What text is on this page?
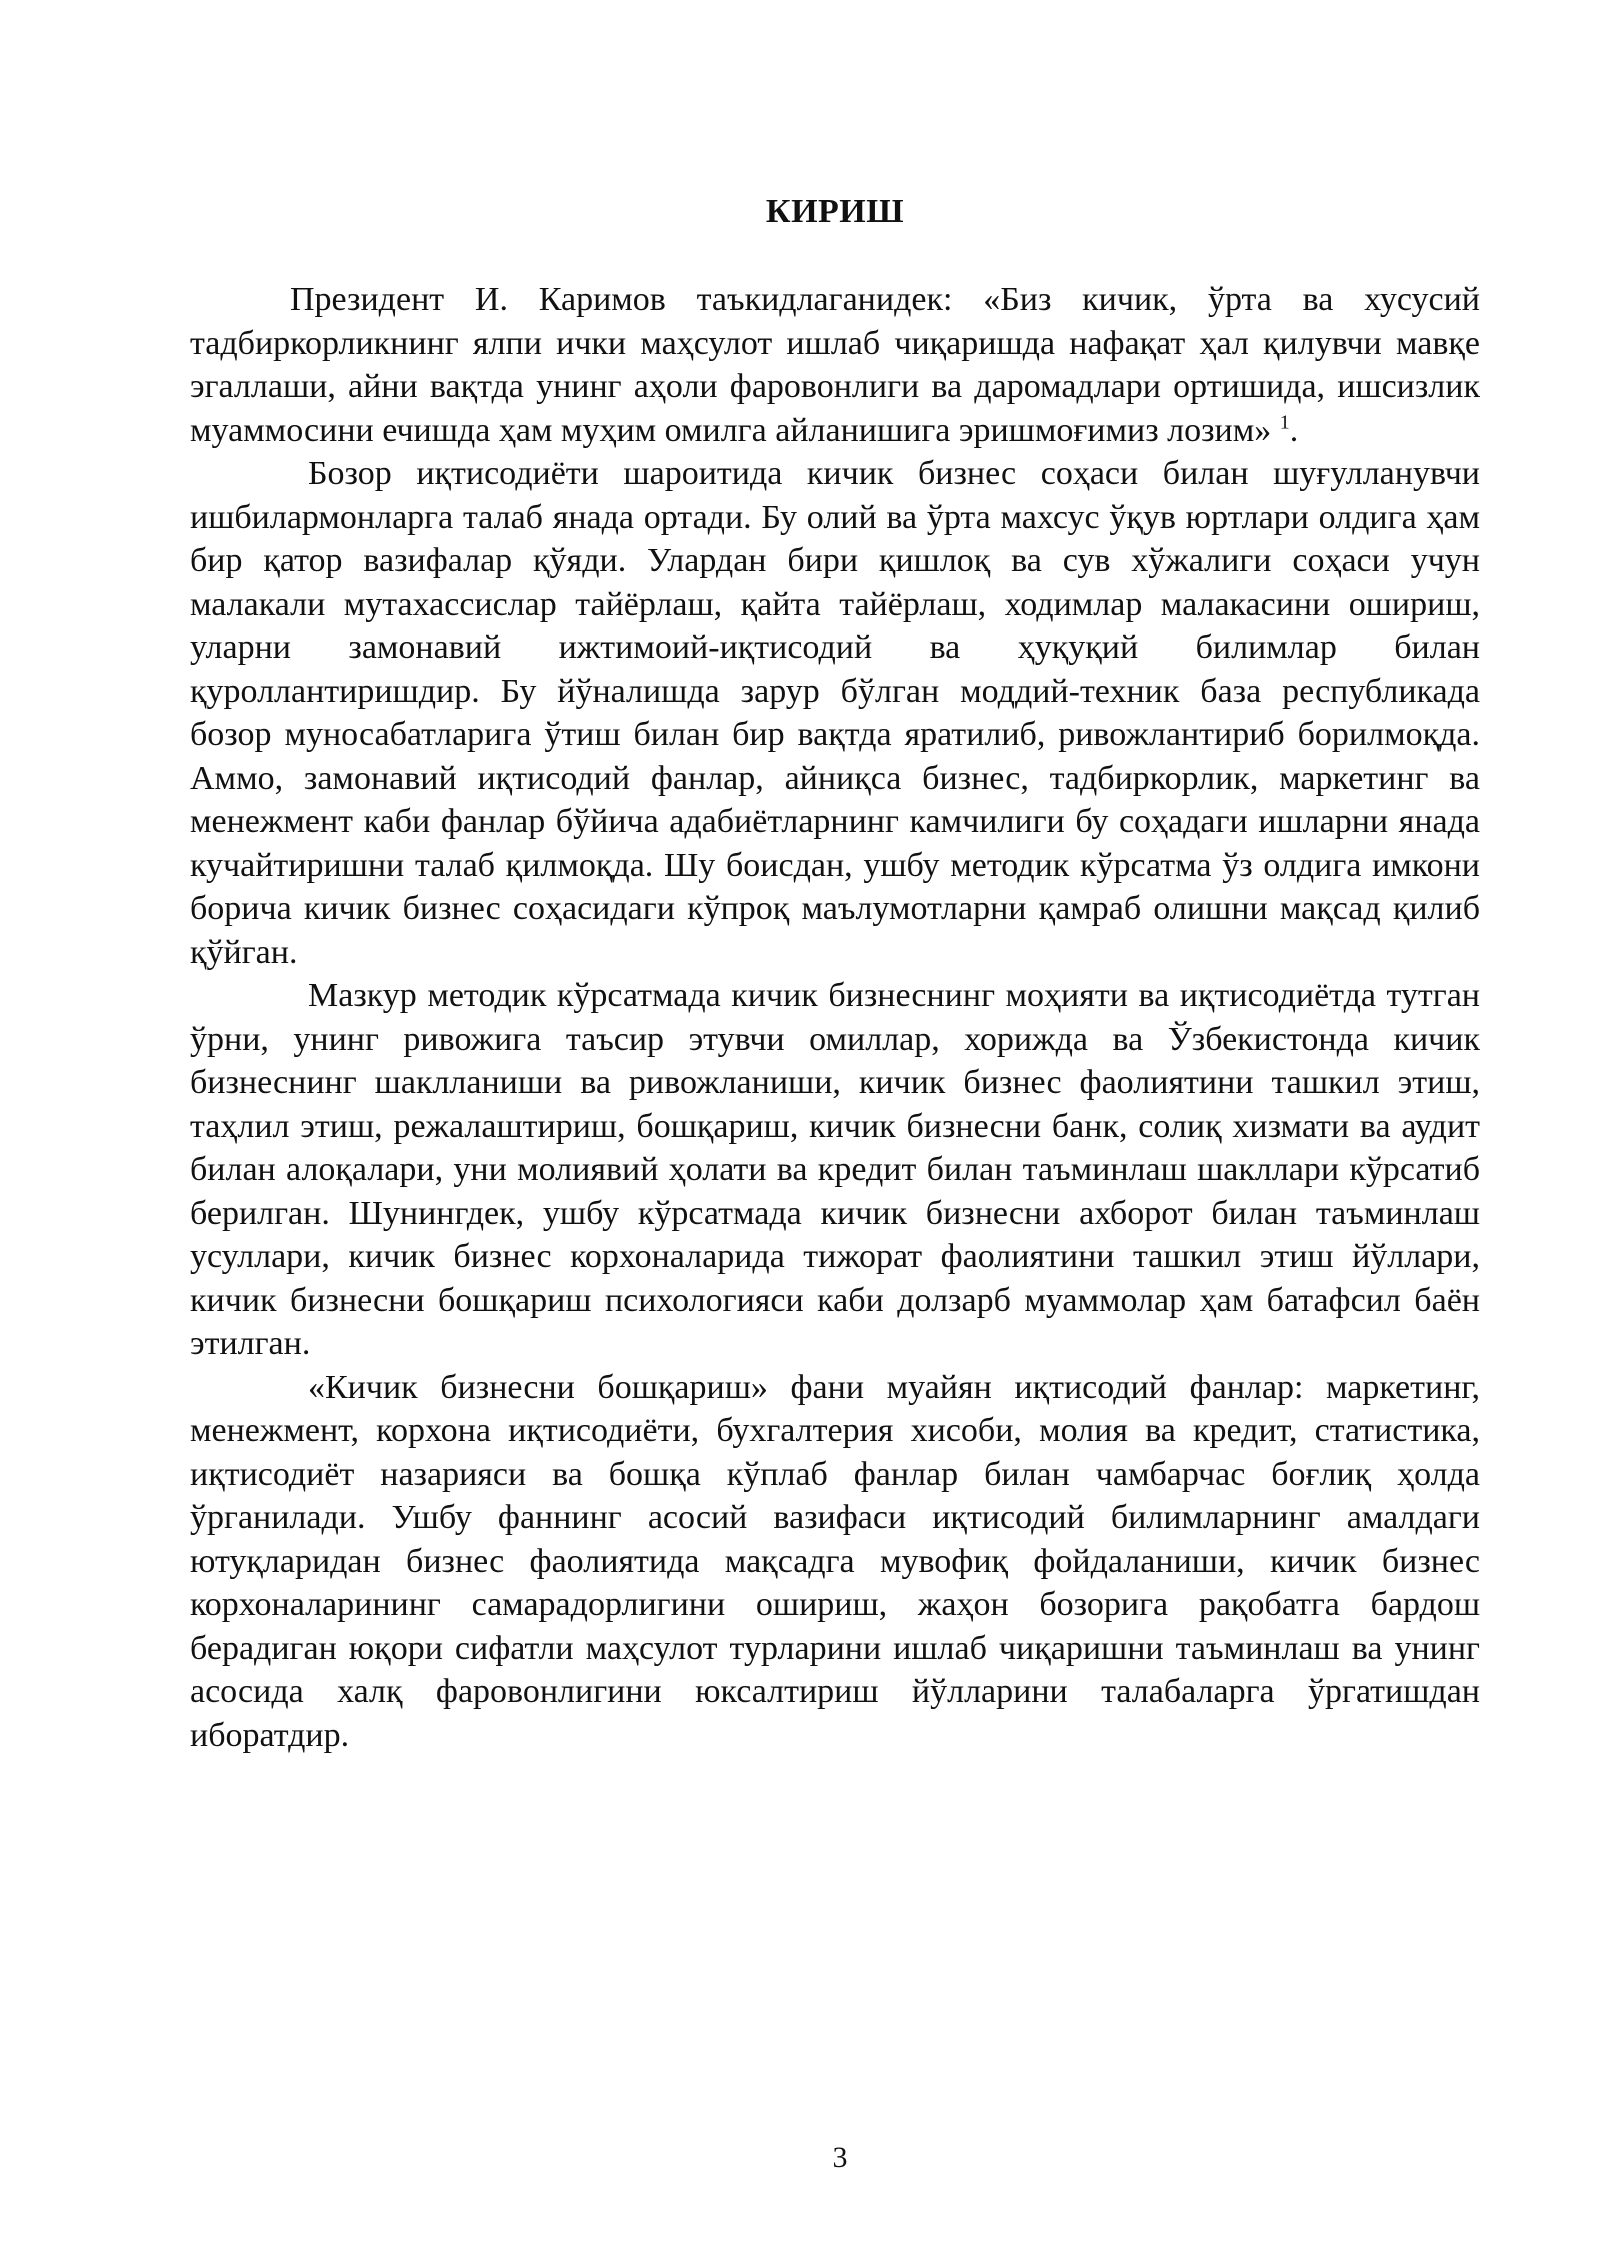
КИРИШ

Президент И. Каримов таъкидлаганидек: «Биз кичик, ўрта ва хусусий тадбиркорликнинг ялпи ички маҳсулот ишлаб чиқаришда нафақат ҳал қилувчи мавқе эгаллаши, айни вақтда унинг аҳоли фаровонлиги ва даромадлари ортишида, ишсизлик муаммосини ечишда ҳам муҳим омилга айланишига эришмоғимиз лозим» $^1$.

Бозор иқтисодиёти шароитида кичик бизнес соҳаси билан шуғулланувчи ишбилармонларга талаб янада ортади. Бу олий ва ўрта махсус ўқув юртлари олдига ҳам бир қатор вазифалар қўяди. Улардан бири қишлоқ ва сув хўжалиги соҳаси учун малакали мутахассислар тайёрлаш, қайта тайёрлаш, ходимлар малакасини ошириш, уларни замонавий ижтимоий-иқтисодий ва ҳуқуқий билимлар билан қуроллантиришдир. Бу йўналишда зарур бўлган моддий-техник база республикада бозор муносабатларига ўтиш билан бир вақтда яратилиб, ривожлантириб борилмоқда. Аммо, замонавий иқтисодий фанлар, айниқса бизнес, тадбиркорлик, маркетинг ва менежмент каби фанлар бўйича адабиётларнинг камчилиги бу соҳадаги ишларни янада кучайтиришни талаб қилмоқда. Шу боисдан, ушбу методик кўрсатма ўз олдига имкони борича кичик бизнес соҳасидаги кўпроқ маълумотларни қамраб олишни мақсад қилиб қўйган.

Мазкур методик кўрсатмада кичик бизнеснинг моҳияти ва иқтисодиётда тутган ўрни, унинг ривожига таъсир этувчи омиллар, хорижда ва Ўзбекистонда кичик бизнеснинг шаклланиши ва ривожланиши, кичик бизнес фаолиятини ташкил этиш, таҳлил этиш, режалаштириш, бошқариш, кичик бизнесни банк, солиқ хизмати ва аудит билан алоқалари, уни молиявий ҳолати ва кредит билан таъминлаш шакллари кўрсатиб берилган. Шунингдек, ушбу кўрсатмада кичик бизнесни ахборот билан таъминлаш усуллари, кичик бизнес корхоналарида тижорат фаолиятини ташкил этиш йўллари, кичик бизнесни бошқариш психологияси каби долзарб муаммолар ҳам батафсил баён этилган.

«Кичик бизнесни бошқариш» фани муайян иқтисодий фанлар: маркетинг, менежмент, корхона иқтисодиёти, бухгалтерия хисоби, молия ва кредит, статистика, иқтисодиёт назарияси ва бошқа кўплаб фанлар билан чамбарчас боғлиқ ҳолда ўрганилади. Ушбу фаннинг асосий вазифаси иқтисодий билимларнинг амалдаги ютуқларидан бизнес фаолиятида мақсадга мувофиқ фойдаланиши, кичик бизнес корхоналарининг самарадорлигини ошириш, жаҳон бозорига рақобатга бардош берадиган юқори сифатли маҳсулот турларини ишлаб чиқаришни таъминлаш ва унинг асосида халқ фаровонлигини юксалтириш йўлларини талабаларга ўргатишдан иборатдир.

3
